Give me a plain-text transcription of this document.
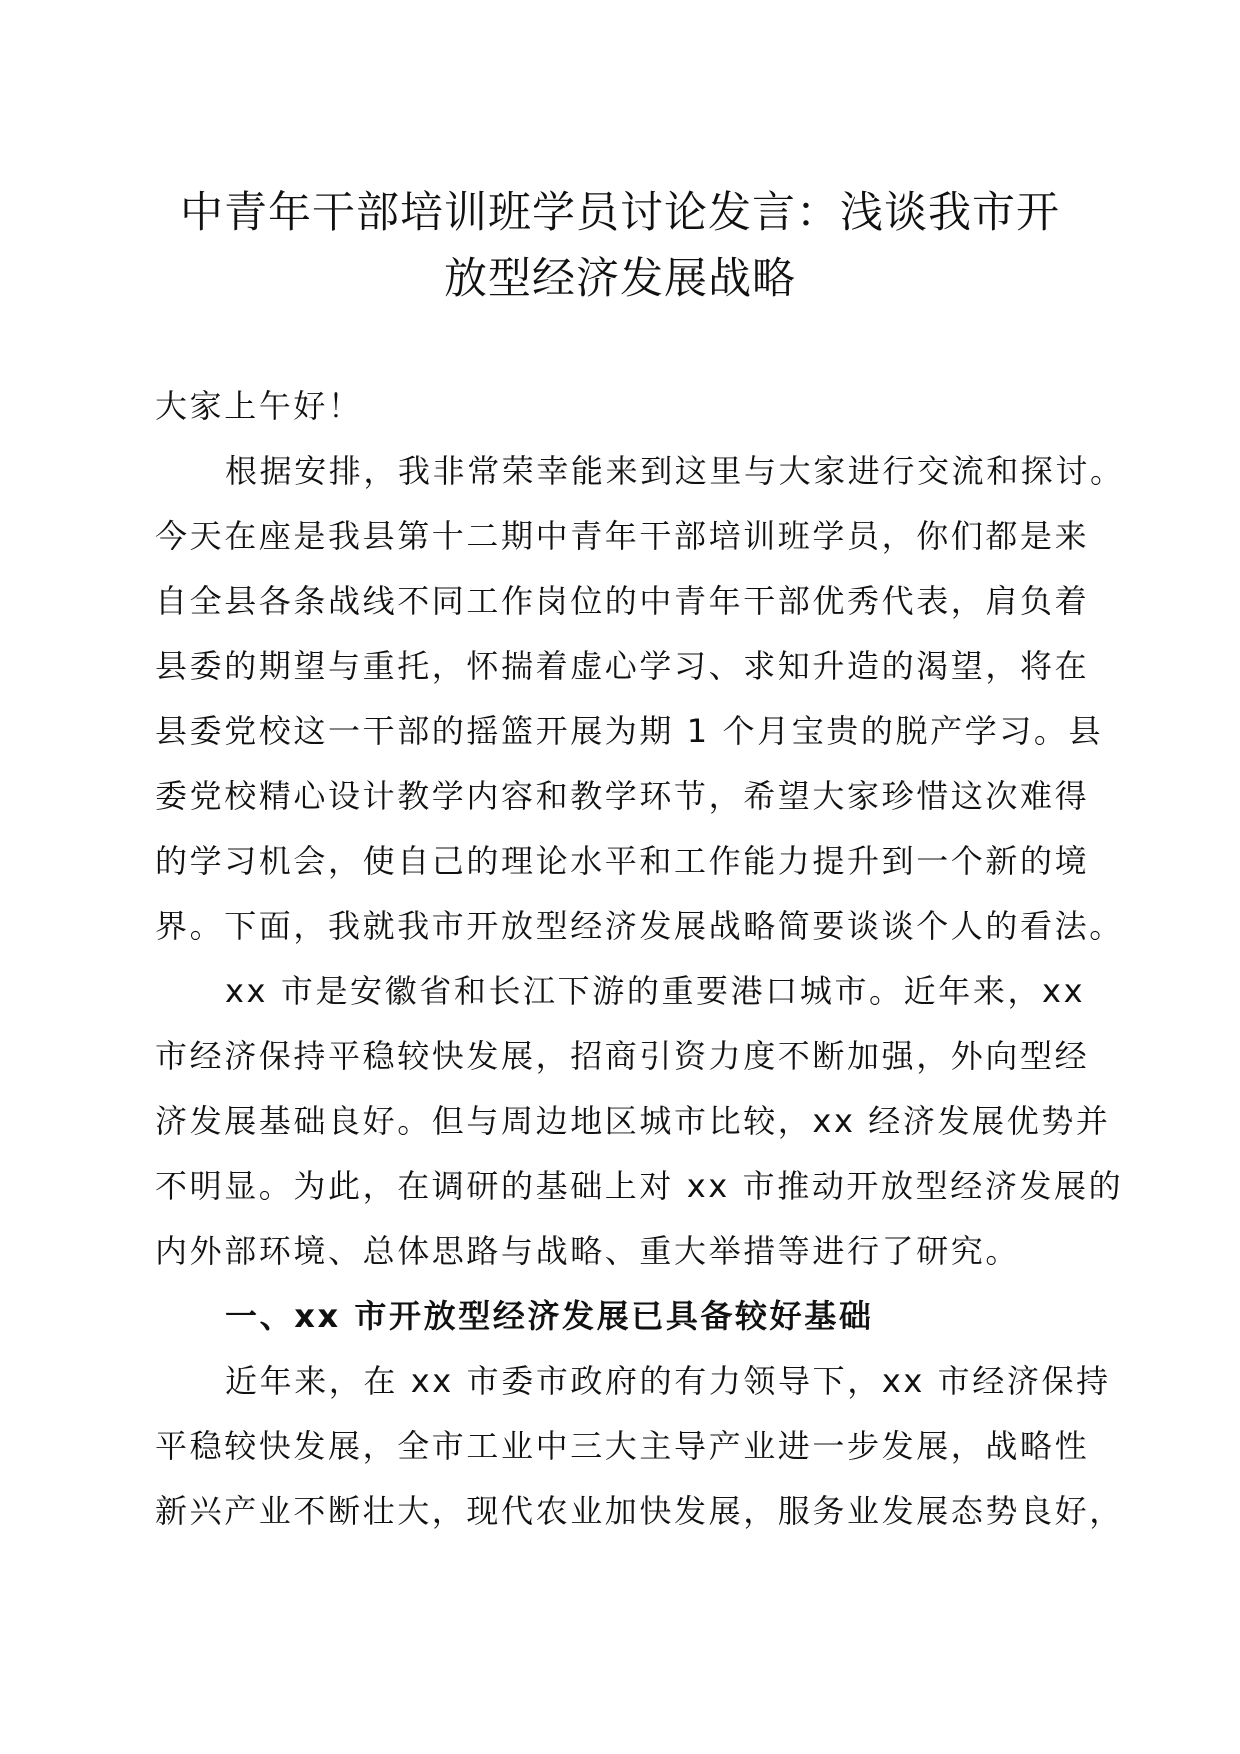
中青年干部培训班学员讨论发言：浅谈我市开
放型经济发展战略
大家上午好！
根据安排，我非常荣幸能来到这里与大家进行交流和探讨。
今天在座是我县第十二期中青年干部培训班学员，你们都是来
自全县各条战线不同工作岗位的中青年干部优秀代表，肩负着
县委的期望与重托，怀揣着虚心学习、求知升造的渴望，将在
县委党校这一干部的摇篮开展为期 1 个月宝贵的脱产学习。县
委党校精心设计教学内容和教学环节，希望大家珍惜这次难得
的学习机会，使自己的理论水平和工作能力提升到一个新的境
界。下面，我就我市开放型经济发展战略简要谈谈个人的看法。
xx 市是安徽省和长江下游的重要港口城市。近年来，xx
市经济保持平稳较快发展，招商引资力度不断加强，外向型经
济发展基础良好。但与周边地区城市比较，xx 经济发展优势并
不明显。为此，在调研的基础上对 xx 市推动开放型经济发展的
内外部环境、总体思路与战略、重大举措等进行了研究。
一、xx 市开放型经济发展已具备较好基础
近年来，在 xx 市委市政府的有力领导下，xx 市经济保持
平稳较快发展，全市工业中三大主导产业进一步发展，战略性
新兴产业不断壮大，现代农业加快发展，服务业发展态势良好，
